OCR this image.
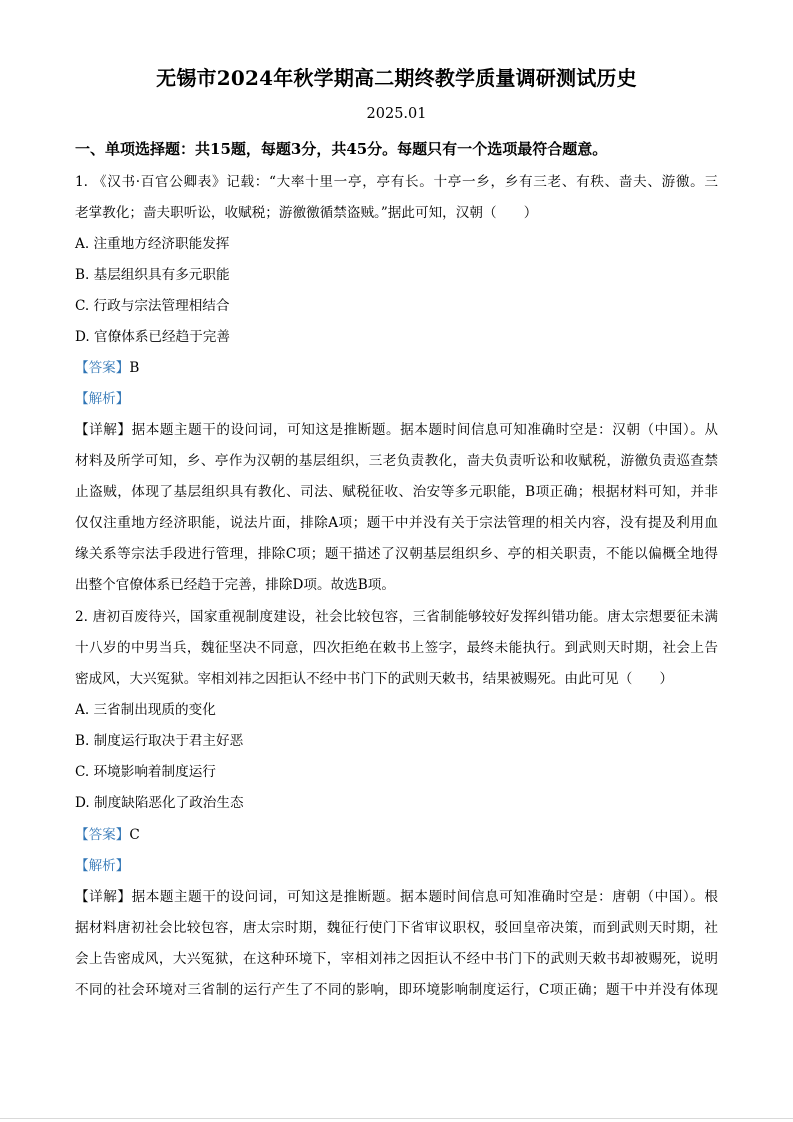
无锡市2024年秋学期高二期终教学质量调研测试历史
2025.01
一、单项选择题：共15题，每题3分，共45分。每题只有一个选项最符合题意。
1. 《汉书·百官公卿表》记载：“大率十里一亭，亭有长。十亭一乡，乡有三老、有秩、啬夫、游徼。三
老掌教化；啬夫职听讼，收赋税；游徼徼循禁盗贼。”据此可知，汉朝（　　）
A. 注重地方经济职能发挥
B. 基层组织具有多元职能
C. 行政与宗法管理相结合
D. 官僚体系已经趋于完善
【答案】B
【解析】
【详解】据本题主题干的设问词，可知这是推断题。据本题时间信息可知准确时空是：汉朝（中国）。从
材料及所学可知，乡、亭作为汉朝的基层组织，三老负责教化，啬夫负责听讼和收赋税，游徼负责巡查禁
止盗贼，体现了基层组织具有教化、司法、赋税征收、治安等多元职能，B项正确；根据材料可知，并非
仅仅注重地方经济职能，说法片面，排除A项；题干中并没有关于宗法管理的相关内容，没有提及利用血
缘关系等宗法手段进行管理，排除C项；题干描述了汉朝基层组织乡、亭的相关职责，不能以偏概全地得
出整个官僚体系已经趋于完善，排除D项。故选B项。
2. 唐初百废待兴，国家重视制度建设，社会比较包容，三省制能够较好发挥纠错功能。唐太宗想要征未满
十八岁的中男当兵，魏征坚决不同意，四次拒绝在敕书上签字，最终未能执行。到武则天时期，社会上告
密成风，大兴冤狱。宰相刘祎之因拒认不经中书门下的武则天敕书，结果被赐死。由此可见（　　）
A. 三省制出现质的变化
B. 制度运行取决于君主好恶
C. 环境影响着制度运行
D. 制度缺陷恶化了政治生态
【答案】C
【解析】
【详解】据本题主题干的设问词，可知这是推断题。据本题时间信息可知准确时空是：唐朝（中国）。根
据材料唐初社会比较包容，唐太宗时期，魏征行使门下省审议职权，驳回皇帝决策，而到武则天时期，社
会上告密成风，大兴冤狱，在这种环境下，宰相刘祎之因拒认不经中书门下的武则天敕书却被赐死，说明
不同的社会环境对三省制的运行产生了不同的影响，即环境影响制度运行，C项正确；题干中并没有体现
